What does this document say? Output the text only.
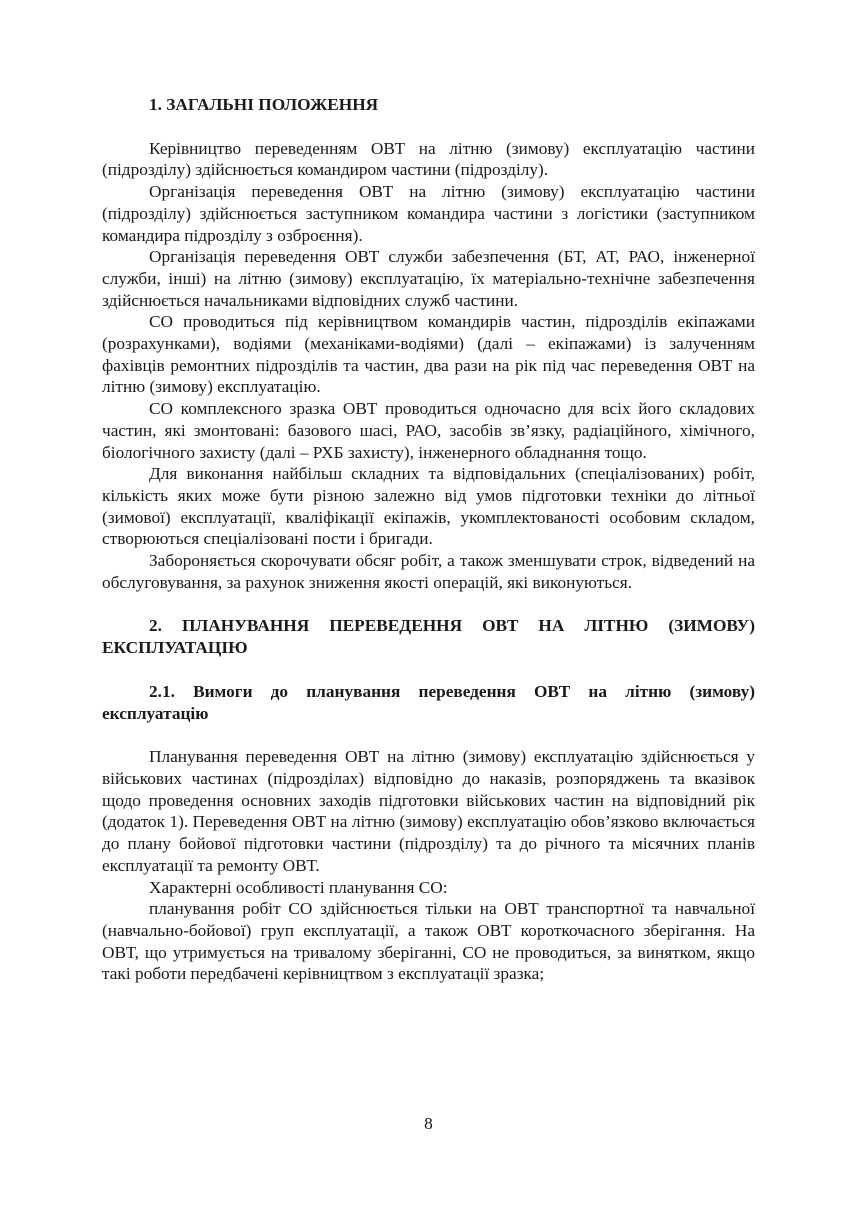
1. ЗАГАЛЬНІ ПОЛОЖЕННЯ

Керівництво переведенням ОВТ на літню (зимову) експлуатацію частини (підрозділу) здійснюється командиром частини (підрозділу).

Організація переведення ОВТ на літню (зимову) експлуатацію частини (підрозділу) здійснюється заступником командира частини з логістики (заступником командира підрозділу з озброєння).

Організація переведення ОВТ служби забезпечення (БТ, АТ, РАО, інженерної служби, інші) на літню (зимову) експлуатацію, їх матеріально-технічне забезпечення здійснюється начальниками відповідних служб частини.

СО проводиться під керівництвом командирів частин, підрозділів екіпажами (розрахунками), водіями (механіками-водіями) (далі – екіпажами) із залученням фахівців ремонтних підрозділів та частин, два рази на рік під час переведення ОВТ на літню (зимову) експлуатацію.

СО комплексного зразка ОВТ проводиться одночасно для всіх його складових частин, які змонтовані: базового шасі, РАО, засобів зв’язку, радіаційного, хімічного, біологічного захисту (далі – РХБ захисту), інженерного обладнання тощо.

Для виконання найбільш складних та відповідальних (спеціалізованих) робіт, кількість яких може бути різною залежно від умов підготовки техніки до літньої (зимової) експлуатації, кваліфікації екіпажів, укомплектованості особовим складом, створюються спеціалізовані пости і бригади.

Забороняється скорочувати обсяг робіт, а також зменшувати строк, відведений на обслуговування, за рахунок зниження якості операцій, які виконуються.

2. ПЛАНУВАННЯ ПЕРЕВЕДЕННЯ ОВТ НА ЛІТНЮ (ЗИМОВУ) ЕКСПЛУАТАЦІЮ

2.1. Вимоги до планування переведення ОВТ на літню (зимову) експлуатацію

Планування переведення ОВТ на літню (зимову) експлуатацію здійснюється у військових частинах (підрозділах) відповідно до наказів, розпоряджень та вказівок щодо проведення основних заходів підготовки військових частин на відповідний рік (додаток 1). Переведення ОВТ на літню (зимову) експлуатацію обов’язково включається до плану бойової підготовки частини (підрозділу) та до річного та місячних планів експлуатації та ремонту ОВТ.

Характерні особливості планування СО:

планування робіт СО здійснюється тільки на ОВТ транспортної та навчальної (навчально-бойової) груп експлуатації, а також ОВТ короткочасного зберігання. На ОВТ, що утримується на тривалому зберіганні, СО не проводиться, за винятком, якщо такі роботи передбачені керівництвом з експлуатації зразка;

8
